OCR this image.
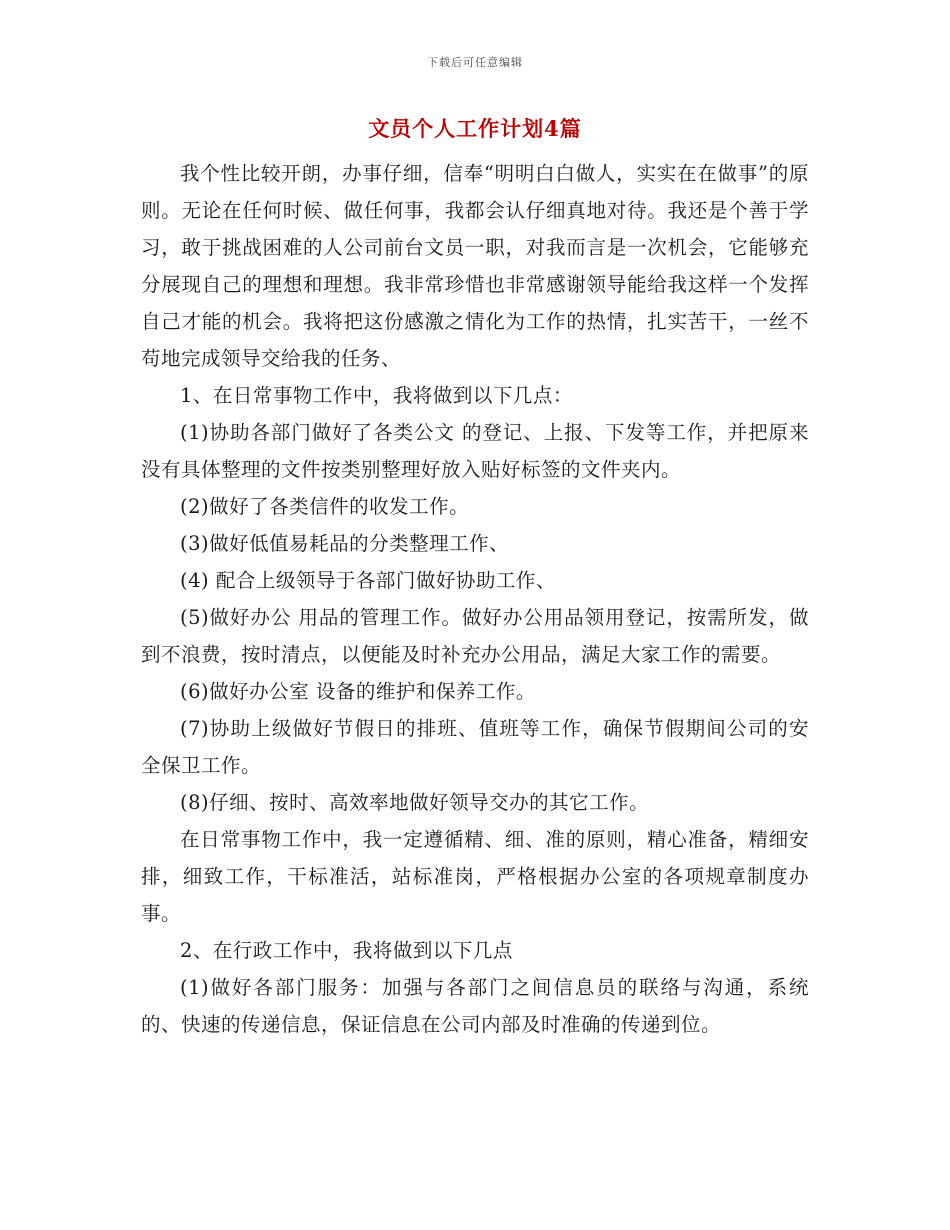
下载后可任意编辑
文员个人工作计划4篇

我个性比较开朗，办事仔细，信奉“明明白白做人，实实在在做事”的原则。无论在任何时候、做任何事，我都会认仔细真地对待。我还是个善于学习，敢于挑战困难的人公司前台文员一职，对我而言是一次机会，它能够充分展现自己的理想和理想。我非常珍惜也非常感谢领导能给我这样一个发挥自己才能的机会。我将把这份感激之情化为工作的热情，扎实苦干，一丝不苟地完成领导交给我的任务、

1、在日常事物工作中，我将做到以下几点：

(1)协助各部门做好了各类公文 的登记、上报、下发等工作，并把原来没有具体整理的文件按类别整理好放入贴好标签的文件夹内。

(2)做好了各类信件的收发工作。

(3)做好低值易耗品的分类整理工作、

(4) 配合上级领导于各部门做好协助工作、

(5)做好办公 用品的管理工作。做好办公用品领用登记，按需所发，做到不浪费，按时清点，以便能及时补充办公用品，满足大家工作的需要。

(6)做好办公室 设备的维护和保养工作。

(7)协助上级做好节假日的排班、值班等工作，确保节假期间公司的安全保卫工作。

(8)仔细、按时、高效率地做好领导交办的其它工作。

在日常事物工作中，我一定遵循精、细、准的原则，精心准备，精细安排，细致工作，干标准活，站标准岗，严格根据办公室的各项规章制度办事。

2、在行政工作中，我将做到以下几点

(1)做好各部门服务：加强与各部门之间信息员的联络与沟通，系统的、快速的传递信息，保证信息在公司内部及时准确的传递到位。
